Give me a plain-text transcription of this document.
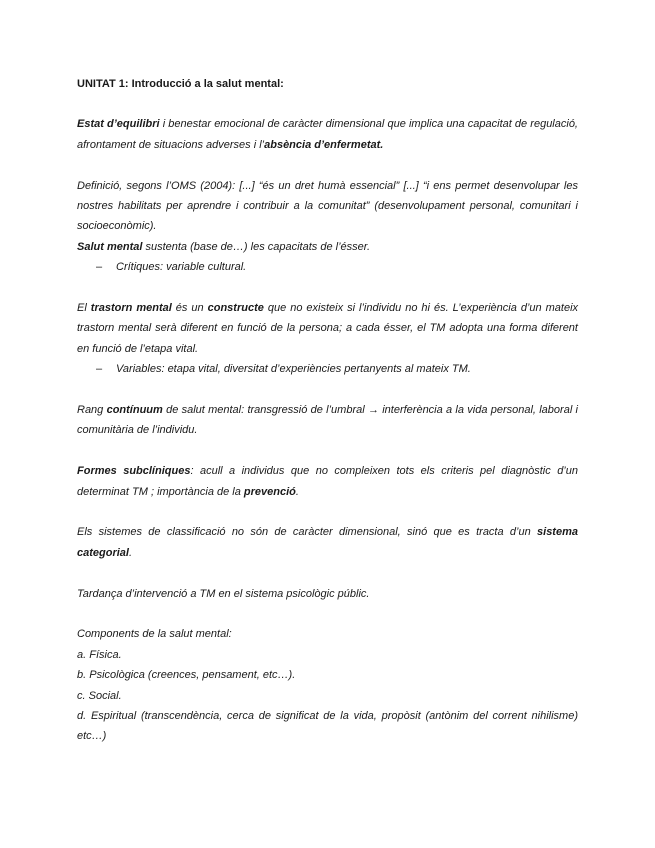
UNITAT 1: Introducció a la salut mental:

Estat d’equilibri i benestar emocional de caràcter dimensional que implica una capacitat de regulació, afrontament de situacions adverses i l’absència d’enfermetat.

Definició, segons l’OMS (2004): [...] “és un dret humà essencial” [...] “i ens permet desenvolupar les nostres habilitats per aprendre i contribuir a la comunitat” (desenvolupament personal, comunitari i socioeconòmic).

Salut mental sustenta (base de…) les capacitats de l’ésser.

– Crítiques: variable cultural.

El trastorn mental és un constructe que no existeix si l’individu no hi és. L’experiència d’un mateix trastorn mental serà diferent en funció de la persona; a cada ésser, el TM adopta una forma diferent en funció de l’etapa vital.

– Variables: etapa vital, diversitat d’experiències pertanyents al mateix TM.

Rang contínuum de salut mental: transgressió de l’umbral → interferència a la vida personal, laboral i comunitària de l’individu.

Formes subclíniques: acull a individus que no compleixen tots els criteris pel diagnòstic d’un determinat TM ; importància de la prevenció.

Els sistemes de classificació no són de caràcter dimensional, sinó que es tracta d’un sistema categorial.

Tardança d’intervenció a TM en el sistema psicològic públic.

Components de la salut mental:

a. Física.

b. Psicològica (creences, pensament, etc…).

c. Social.

d. Espiritual (transcendència, cerca de significat de la vida, propòsit (antònim del corrent nihilisme) etc…)
